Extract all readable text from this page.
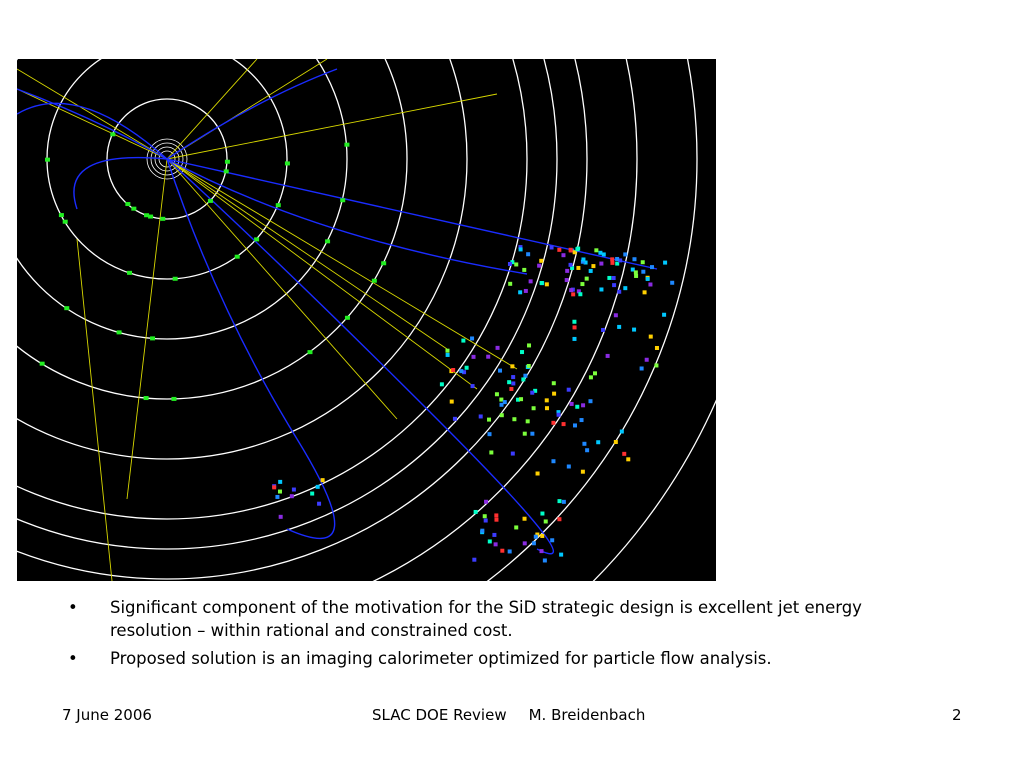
• Significant component of the motivation for the SiD strategic design is excellent jet energy resolution – within rational and constrained cost.
• Proposed solution is an imaging calorimeter optimized for particle flow analysis.
7 June 2006	SLAC DOE Review M. Breidenbach	2
